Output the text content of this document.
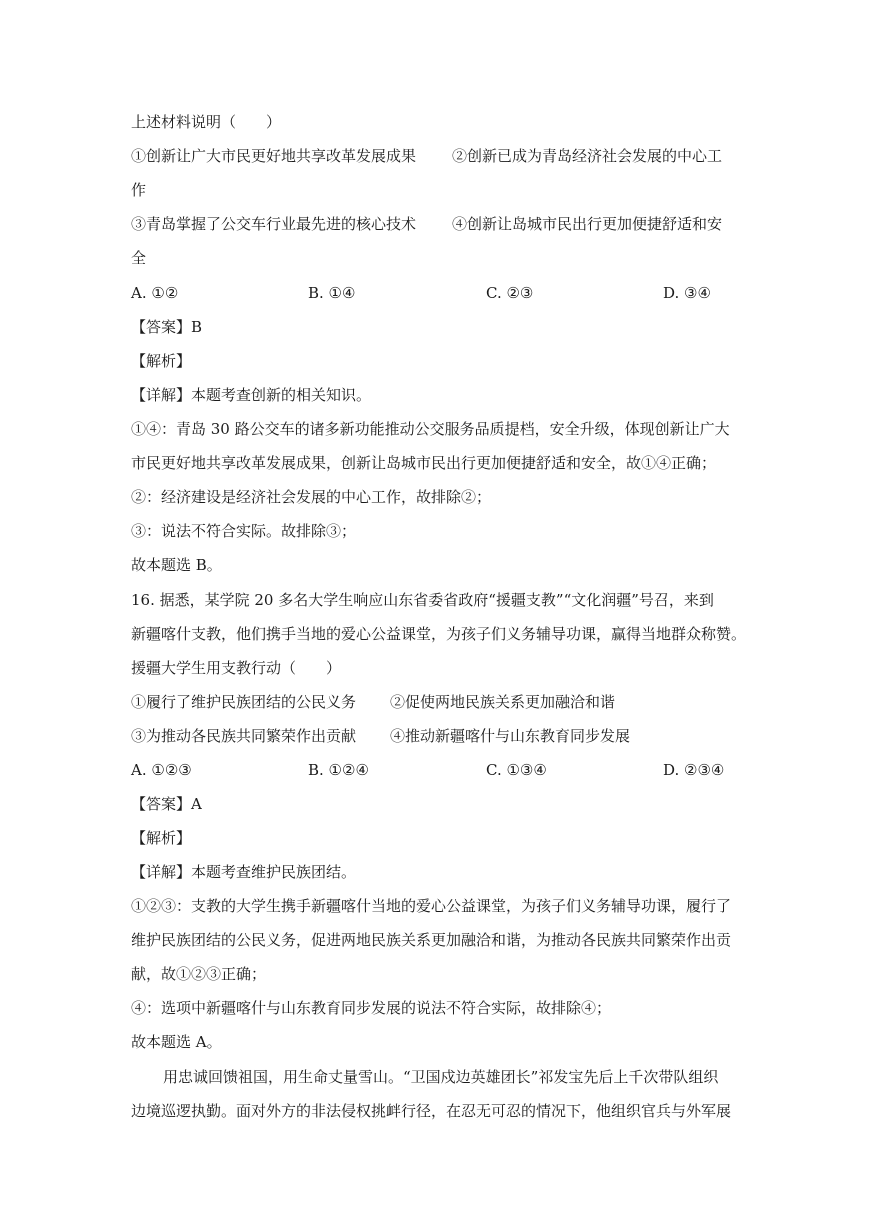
上述材料说明（　　）
①创新让广大市民更好地共享改革发展成果 ②创新已成为青岛经济社会发展的中心工
作
③青岛掌握了公交车行业最先进的核心技术 ④创新让岛城市民出行更加便捷舒适和安
全
A. ①②	B. ①④	C. ②③	D. ③④
【答案】B
【解析】
【详解】本题考查创新的相关知识。
①④：青岛 30 路公交车的诸多新功能推动公交服务品质提档，安全升级，体现创新让广大
市民更好地共享改革发展成果，创新让岛城市民出行更加便捷舒适和安全，故①④正确；
②：经济建设是经济社会发展的中心工作，故排除②；
③：说法不符合实际。故排除③；
故本题选 B。
16. 据悉，某学院 20 多名大学生响应山东省委省政府“援疆支教”“文化润疆”号召，来到
新疆喀什支教，他们携手当地的爱心公益课堂，为孩子们义务辅导功课，赢得当地群众称赞。
援疆大学生用支教行动（　　）
①履行了维护民族团结的公民义务 ②促使两地民族关系更加融洽和谐
③为推动各民族共同繁荣作出贡献 ④推动新疆喀什与山东教育同步发展
A. ①②③	B. ①②④	C. ①③④	D. ②③④
【答案】A
【解析】
【详解】本题考查维护民族团结。
①②③：支教的大学生携手新疆喀什当地的爱心公益课堂，为孩子们义务辅导功课，履行了
维护民族团结的公民义务，促进两地民族关系更加融洽和谐，为推动各民族共同繁荣作出贡
献，故①②③正确；
④：选项中新疆喀什与山东教育同步发展的说法不符合实际，故排除④；
故本题选 A。
用忠诚回馈祖国，用生命丈量雪山。“卫国戍边英雄团长”祁发宝先后上千次带队组织
边境巡逻执勤。面对外方的非法侵权挑衅行径，在忍无可忍的情况下，他组织官兵与外军展
